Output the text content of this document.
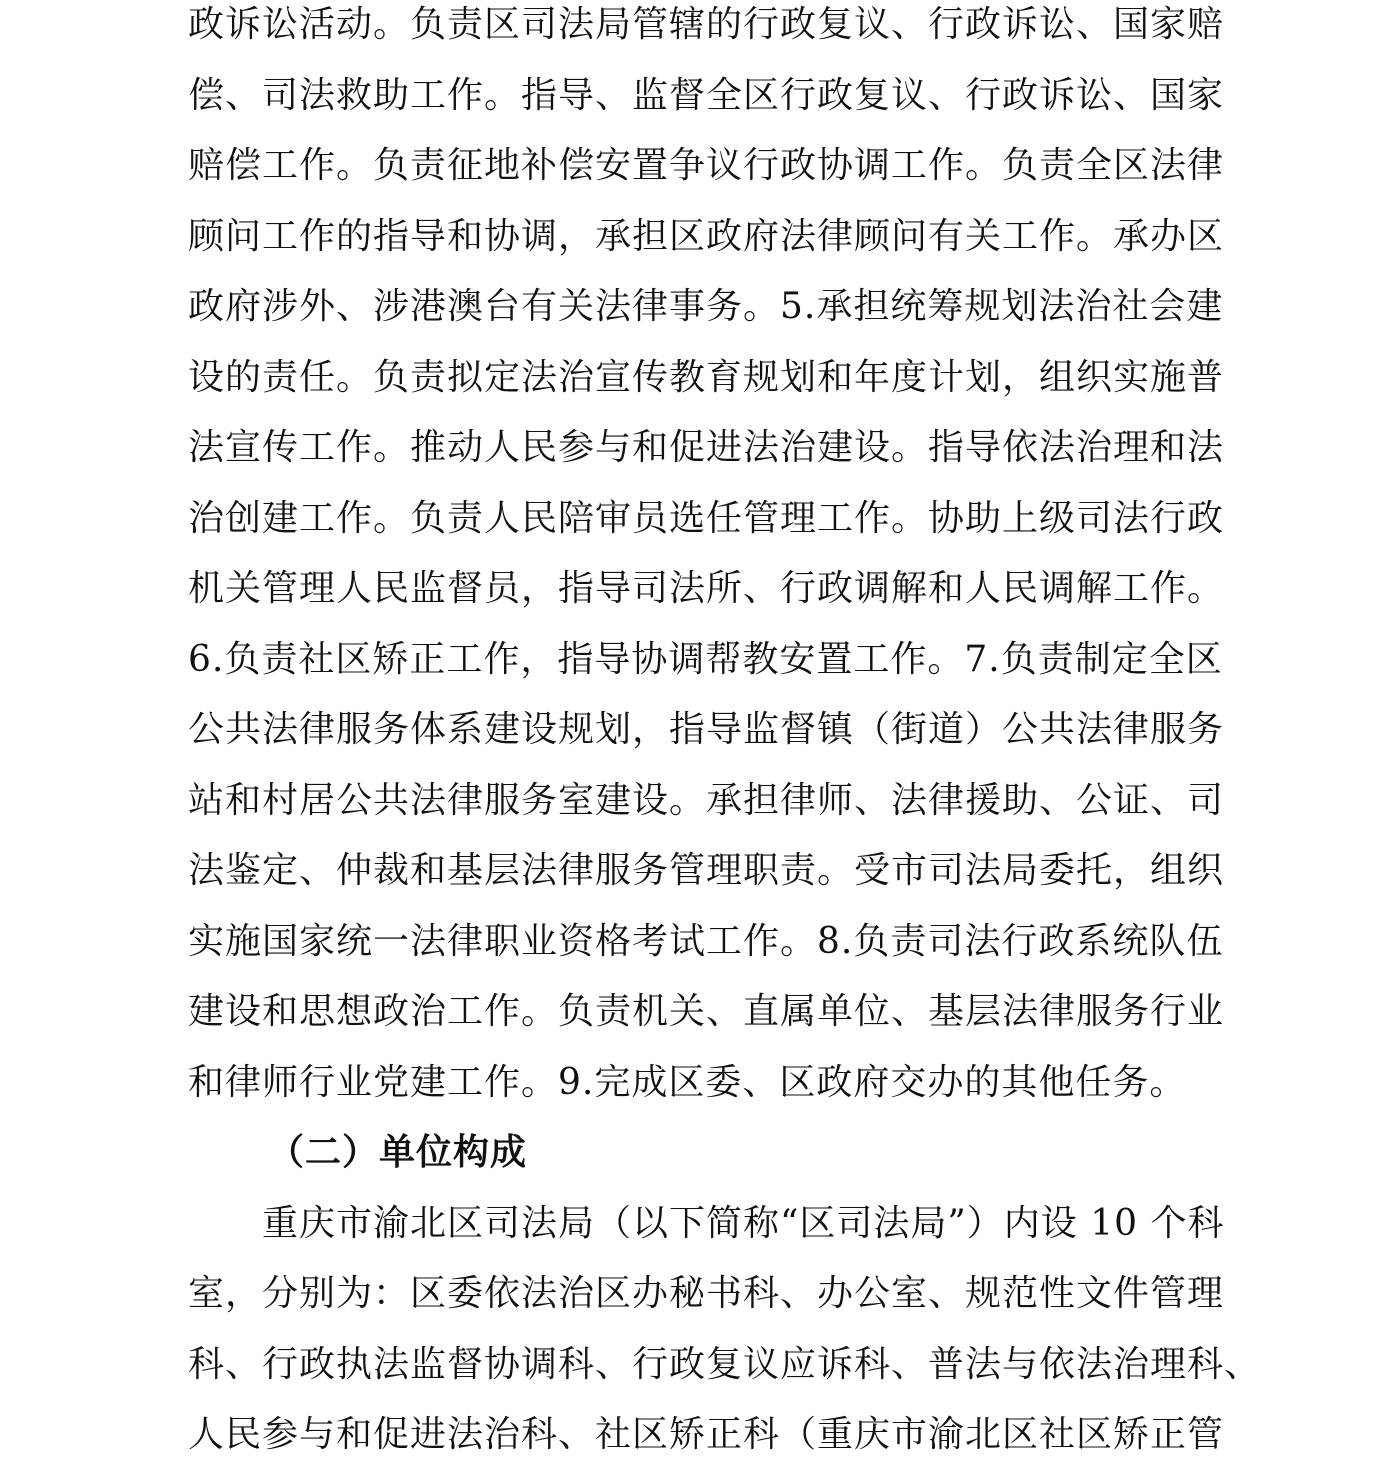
政诉讼活动。负责区司法局管辖的行政复议、行政诉讼、国家赔
偿、司法救助工作。指导、监督全区行政复议、行政诉讼、国家
赔偿工作。负责征地补偿安置争议行政协调工作。负责全区法律
顾问工作的指导和协调，承担区政府法律顾问有关工作。承办区
政府涉外、涉港澳台有关法律事务。5.承担统筹规划法治社会建
设的责任。负责拟定法治宣传教育规划和年度计划，组织实施普
法宣传工作。推动人民参与和促进法治建设。指导依法治理和法
治创建工作。负责人民陪审员选任管理工作。协助上级司法行政
机关管理人民监督员，指导司法所、行政调解和人民调解工作。
6.负责社区矫正工作，指导协调帮教安置工作。7.负责制定全区
公共法律服务体系建设规划，指导监督镇（街道）公共法律服务
站和村居公共法律服务室建设。承担律师、法律援助、公证、司
法鉴定、仲裁和基层法律服务管理职责。受市司法局委托，组织
实施国家统一法律职业资格考试工作。8.负责司法行政系统队伍
建设和思想政治工作。负责机关、直属单位、基层法律服务行业
和律师行业党建工作。9.完成区委、区政府交办的其他任务。
（二）单位构成
重庆市渝北区司法局（以下简称“区司法局”）内设 10 个科
室，分别为：区委依法治区办秘书科、办公室、规范性文件管理
科、行政执法监督协调科、行政复议应诉科、普法与依法治理科、
人民参与和促进法治科、社区矫正科（重庆市渝北区社区矫正管
